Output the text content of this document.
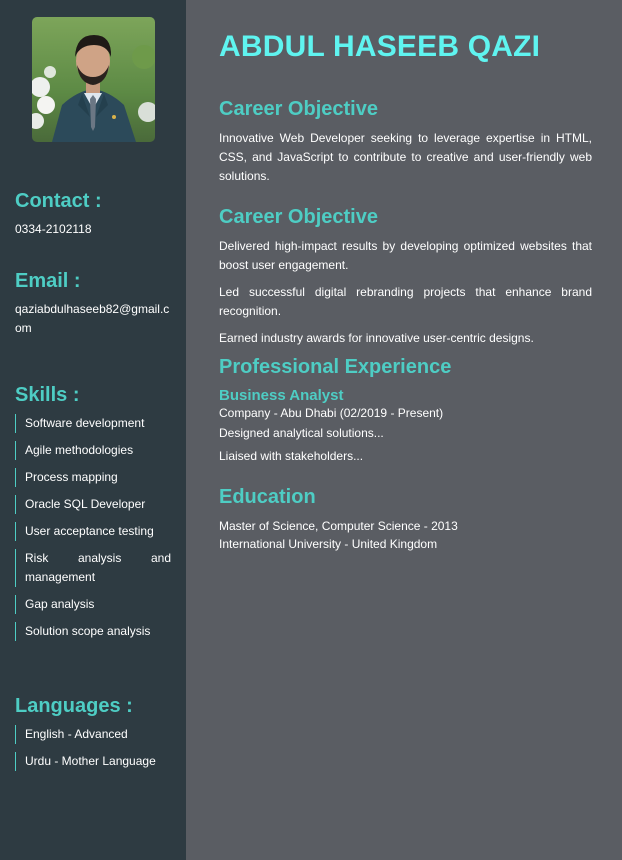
Contact :

0334-2102118

Email :

qaziabdulhaseeb82@gmail.com

Skills :
Software development
Agile methodologies
Process mapping
Oracle SQL Developer
User acceptance testing
Risk analysis and management
Gap analysis
Solution scope analysis
Languages :
English - Advanced
Urdu - Mother Language
ABDUL HASEEB QAZI
Career Objective

Innovative Web Developer seeking to leverage expertise in HTML, CSS, and JavaScript to contribute to creative and user-friendly web solutions.

Career Objective

Delivered high-impact results by developing optimized websites that boost user engagement.

Led successful digital rebranding projects that enhance brand recognition.

Earned industry awards for innovative user-centric designs.

Professional Experience
Business Analyst

Company - Abu Dhabi (02/2019 - Present)

Designed analytical solutions...

Liaised with stakeholders...

Education

Master of Science, Computer Science - 2013

International University - United Kingdom
